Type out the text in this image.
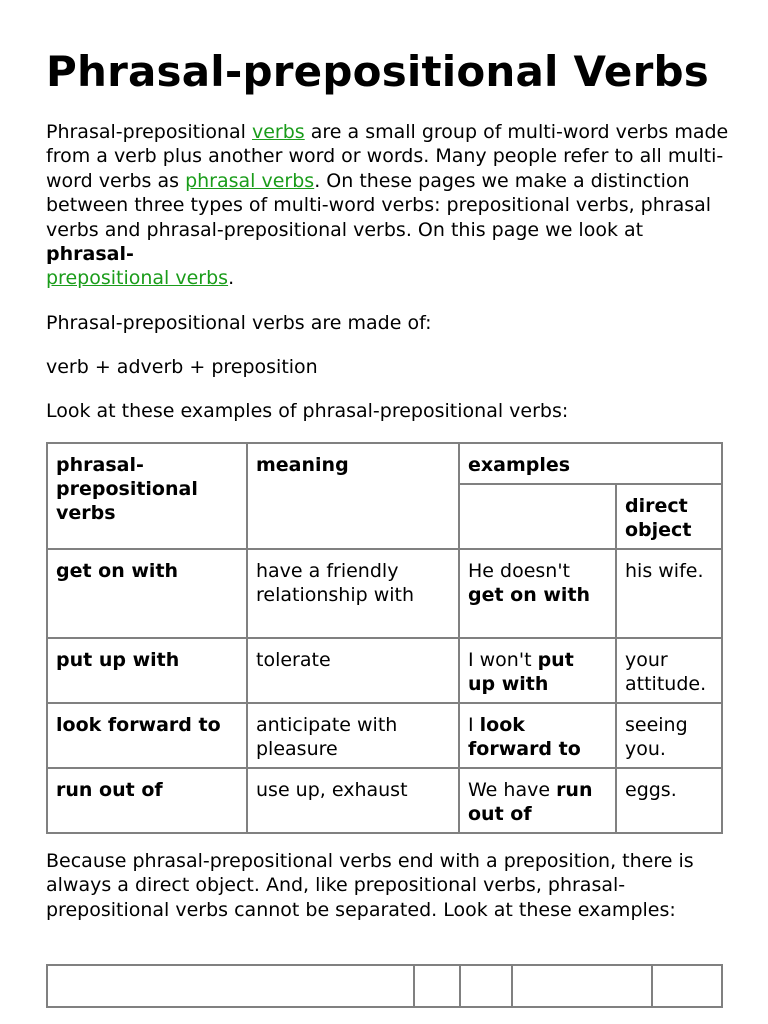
Phrasal-prepositional Verbs

Phrasal-prepositional verbs are a small group of multi-word verbs made from a verb plus another word or words. Many people refer to all multi-word verbs as phrasal verbs. On these pages we make a distinction between three types of multi-word verbs: prepositional verbs, phrasal verbs and phrasal-prepositional verbs. On this page we look at phrasal-
prepositional verbs.

Phrasal-prepositional verbs are made of:

verb + adverb + preposition

Look at these examples of phrasal-prepositional verbs:

phrasal-prepositional verbs	meaning	examples	
			direct object
get on with	have a friendly relationship with	He doesn't get on with	his wife.
put up with	tolerate	I won't put up with	your attitude.
look forward to	anticipate with pleasure	I look forward to	seeing you.
run out of	use up, exhaust	We have run out of	eggs.

Because phrasal-prepositional verbs end with a preposition, there is always a direct object. And, like prepositional verbs, phrasal-prepositional verbs cannot be separated. Look at these examples:
